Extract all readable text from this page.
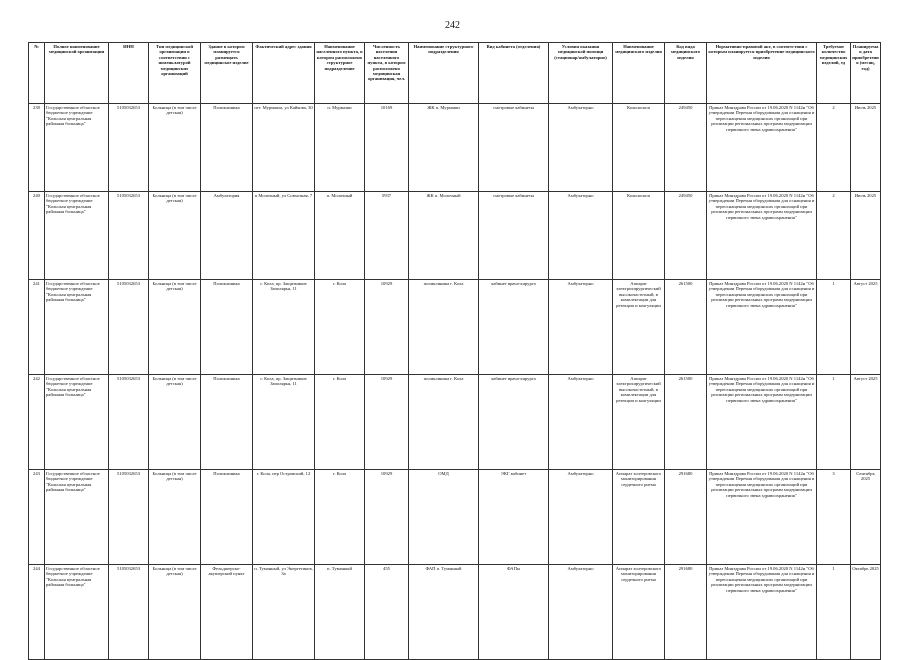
242
№	Полное наименование медицинской организации	ИНН	Тип медицинской организации в соответствии с номенклатурой медицинских организаций	Здание в котором планируется размещать медицинское изделие	Фактический адрес здания	Наименование населенного пункта, в котором расположено структурное подразделение	Численность населения населенного пункта, в котором расположено медицинская организация, чел.	Наименование структурного подразделения	Вид кабинета (отделения)	Условия оказания медицинской помощи (стационар/амбулаторно)	Наименование медицинского изделия	Код вида медицинского изделия	Нормативно-правовой акт, в соответствии с которым планируется приобретение медицинского изделия	Требуемое количество медицинских изделий, ед	Планируемая дата приобретения (месяц, год)
239	Государственное областное бюджетное учреждение "Кольская центральная районная больница"	5105032653	Больница (в том числе детская)	Поликлиника	пгт. Мурмаши, ул Кайкова, 30	п. Мурмаши	10169	ЖК п. Мурмаши	смотровые кабинеты	Амбулаторно	Кольпоскоп	249450	Приказ Минздрава России от 19.06.2020 N 1142н "Об утверждении Перечня оборудования для оснащения и переоснащения медицинских организаций при реализации региональных программ модернизации первичного звена здравоохранения"	2	Июль 2025
240	Государственное областное бюджетное учреждение "Кольская центральная районная больница"	5105032653	Больница (в том числе детская)	Амбулатория	п Молочный, ул Совхозная, 7	п. Молочный	5937	ЖК п. Молочный	смотровые кабинеты	Амбулаторно	Кольпоскоп	249450	Приказ Минздрава России от 19.06.2020 N 1142н "Об утверждении Перечня оборудования для оснащения и переоснащения медицинских организаций при реализации региональных программ модернизации первичного звена здравоохранения"	2	Июль 2025
241	Государственное областное бюджетное учреждение "Кольская центральная районная больница"	5105032653	Больница (в том числе детская)	Поликлиника	г. Кола, пр. Защитников Заполярья, 11	г. Кола	10929	поликлиника г. Кола	кабинет врача-хирурга	Амбулаторно	Аппарат электрохирургический высокочастотный, в комплектации для резекции и коагуляции	261500	Приказ Минздрава России от 19.06.2020 N 1142н "Об утверждении Перечня оборудования для оснащения и переоснащения медицинских организаций при реализации региональных программ модернизации первичного звена здравоохранения"	1	Август 2025
242	Государственное областное бюджетное учреждение "Кольская центральная районная больница"	5105032653	Больница (в том числе детская)	Поликлиника	г. Кола, пр. Защитников Заполярья, 11	г. Кола	10929	поликлиника г. Кола	кабинет врача-хирурга	Амбулаторно	Аппарат электрохирургический высокочастотный, в комплектации для резекции и коагуляции	261500	Приказ Минздрава России от 19.06.2020 N 1142н "Об утверждении Перечня оборудования для оснащения и переоснащения медицинских организаций при реализации региональных программ модернизации первичного звена здравоохранения"	1	Август 2025
243	Государственное областное бюджетное учреждение "Кольская центральная районная больница"	5105032653	Больница (в том числе детская)	Поликлиника	г. Кола, пер Островский, 12	г. Кола	10929	ОМД	ЭКГ кабинет	Амбулаторно	Аппарат холтеровского мониторирования сердечного ритма	291680	Приказ Минздрава России от 19.06.2020 N 1142н "Об утверждении Перечня оборудования для оснащения и переоснащения медицинских организаций при реализации региональных программ модернизации первичного звена здравоохранения"	3	Сентябрь 2025
244	Государственное областное бюджетное учреждение "Кольская центральная районная больница"	5105032653	Больница (в том числе детская)	Фельдшерско-акушерский пункт	п. Туманный, ул Энергетиков, 3а	п. Туманный	455	ФАП п. Туманный	ФАПы	Амбулаторно	Аппарат холтеровского мониторирования сердечного ритма	291680	Приказ Минздрава России от 19.06.2020 N 1142н "Об утверждении Перечня оборудования для оснащения и переоснащения медицинских организаций при реализации региональных программ модернизации первичного звена здравоохранения"	1	Октябрь 2025
